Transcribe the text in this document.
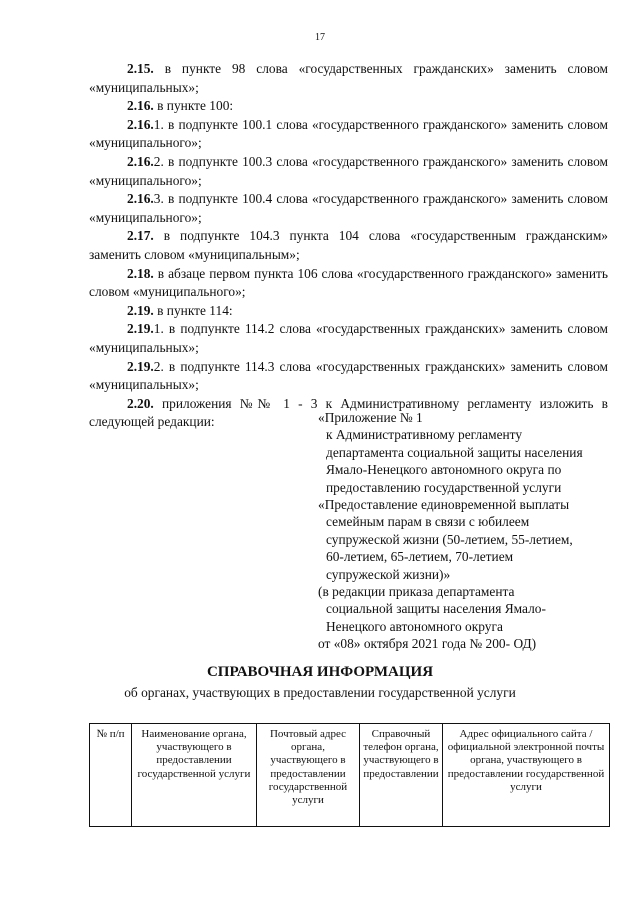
17

2.15. в пункте 98 слова «государственных гражданских» заменить словом «муниципальных»;

2.16. в пункте 100:

2.16.1. в подпункте 100.1 слова «государственного гражданского» заменить словом «муниципального»;

2.16.2. в подпункте 100.3 слова «государственного гражданского» заменить словом «муниципального»;

2.16.3. в подпункте 100.4 слова «государственного гражданского» заменить словом «муниципального»;

2.17. в подпункте 104.3 пункта 104 слова «государственным гражданским» заменить словом «муниципальным»;

2.18. в абзаце первом пункта 106 слова «государственного гражданского» заменить словом «муниципального»;

2.19. в пункте 114:

2.19.1. в подпункте 114.2 слова «государственных гражданских» заменить словом «муниципальных»;

2.19.2. в подпункте 114.3 слова «государственных гражданских» заменить словом «муниципальных»;

2.20. приложения №№ 1 - 3 к Административному регламенту изложить в следующей редакции:	«Приложение № 1
к Административному регламенту
департамента социальной защиты населения
Ямало-Ненецкого автономного округа по
предоставлению государственной услуги
«Предоставление единовременной выплаты
семейным парам в связи с юбилеем
супружеской жизни (50-летием, 55-летием,
60-летием, 65-летием, 70-летием
супружеской жизни)»
(в редакции приказа департамента
социальной защиты населения Ямало-
Ненецкого автономного округа
от «08» октября 2021 года № 200- ОД)
СПРАВОЧНАЯ ИНФОРМАЦИЯ
об органах, участвующих в предоставлении государственной услуги
№ п/п	Наименование органа, участвующего в предоставлении государственной услуги	Почтовый адрес органа, участвующего в предоставлении государственной услуги	Справочный телефон органа, участвующего в предоставлении	Адрес официального сайта /официальной электронной почты органа, участвующего в предоставлении государственной услуги
